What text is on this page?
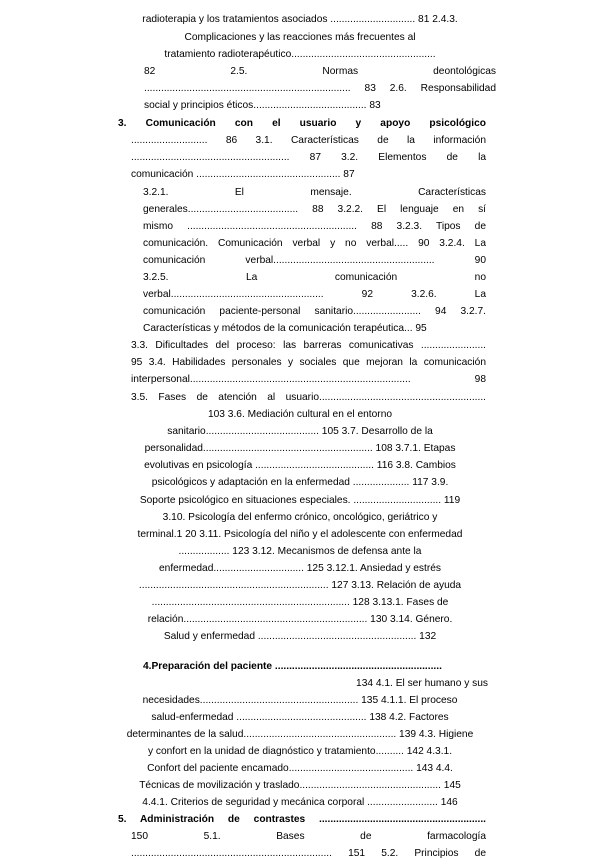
radioterapia y los tratamientos asociados .............................. 81 2.4.3.
Complicaciones y las reacciones más frecuentes al
tratamiento radioterapéutico...................................................
82 2.5. Normas deontológicas
......................................................................... 83 2.6. Responsabilidad
social y principios éticos........................................ 83
3. Comunicación con el usuario y apoyo psicológico
........................... 86 3.1. Características de la información
........................................................ 87 3.2. Elementos de la
comunicación ................................................... 87
3.2.1. El mensaje. Características
generales....................................... 88 3.2.2. El lenguaje en sí
mismo ............................................................ 88 3.2.3. Tipos de
comunicación. Comunicación verbal y no verbal..... 90 3.2.4. La
comunicación verbal......................................................... 90
3.2.5. La comunicación no
verbal...................................................... 92 3.2.6. La
comunicación paciente-personal sanitario........................ 94 3.2.7.
Características y métodos de la comunicación terapéutica... 95
3.3. Dificultades del proceso: las barreras comunicativas .......................
95 3.4. Habilidades personales y sociales que mejoran la comunicación
interpersonal.............................................................................. 98
3.5. Fases de atención al usuario...........................................................
103 3.6. Mediación cultural en el entorno
sanitario........................................ 105 3.7. Desarrollo de la
personalidad............................................................ 108 3.7.1. Etapas
evolutivas en psicología .......................................... 116 3.8. Cambios
psicológicos y adaptación en la enfermedad .................... 117 3.9.
Soporte psicológico en situaciones especiales. ............................... 119
3.10. Psicología del enfermo crónico, oncológico, geriátrico y
terminal.1 20 3.11. Psicología del niño y el adolescente con enfermedad
.................. 123 3.12. Mecanismos de defensa ante la
enfermedad................................ 125 3.12.1. Ansiedad y estrés
................................................................... 127 3.13. Relación de ayuda
...................................................................... 128 3.13.1. Fases de
relación................................................................. 130 3.14. Género.
Salud y enfermedad ........................................................ 132
4.Preparación del paciente ...........................................................
134 4.1. El ser humano y sus
necesidades........................................................ 135 4.1.1. El proceso
salud-enfermedad .............................................. 138 4.2. Factores
determinantes de la salud...................................................... 139 4.3. Higiene
y confort en la unidad de diagnóstico y tratamiento.......... 142 4.3.1.
Confort del paciente encamado............................................ 143 4.4.
Técnicas de movilización y traslado.................................................. 145
4.4.1. Criterios de seguridad y mecánica corporal ......................... 146
5. Administración de contrastes ...........................................................
150 5.1. Bases de farmacología
....................................................................... 151 5.2. Principios de
